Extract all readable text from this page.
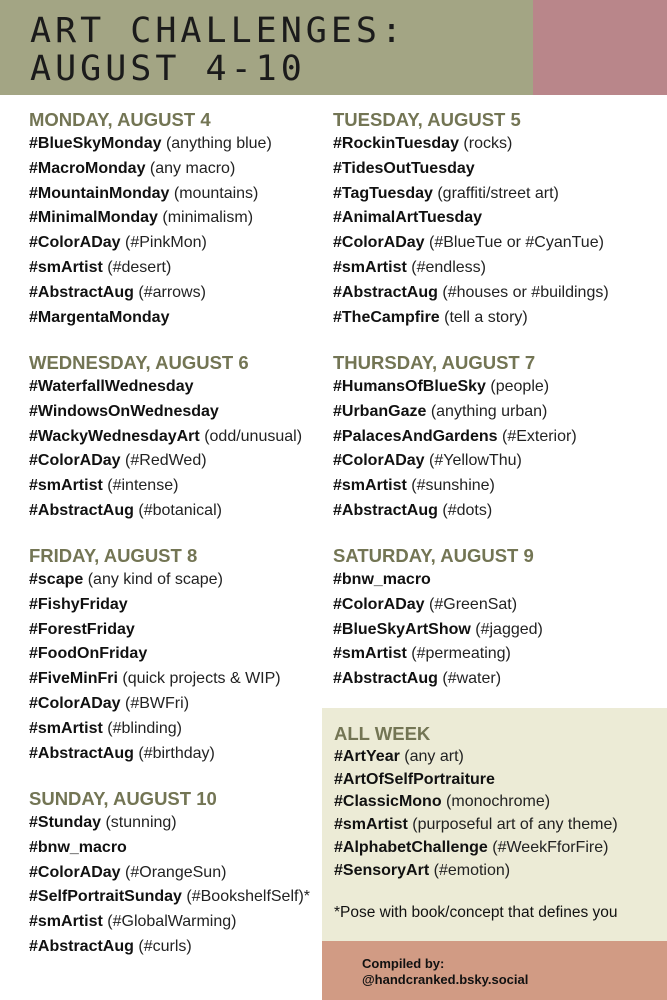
ART CHALLENGES:
AUGUST 4-10
MONDAY, AUGUST 4
#BlueSkyMonday (anything blue)
#MacroMonday (any macro)
#MountainMonday (mountains)
#MinimalMonday (minimalism)
#ColorADay (#PinkMon)
#smArtist (#desert)
#AbstractAug (#arrows)
#MargentaMonday
TUESDAY, AUGUST 5
#RockinTuesday (rocks)
#TidesOutTuesday
#TagTuesday (graffiti/street art)
#AnimalArtTuesday
#ColorADay (#BlueTue or #CyanTue)
#smArtist (#endless)
#AbstractAug (#houses or #buildings)
#TheCampfire (tell a story)
WEDNESDAY, AUGUST 6
#WaterfallWednesday
#WindowsOnWednesday
#WackyWednesdayArt (odd/unusual)
#ColorADay (#RedWed)
#smArtist (#intense)
#AbstractAug (#botanical)
THURSDAY, AUGUST 7
#HumansOfBlueSky (people)
#UrbanGaze (anything urban)
#PalacesAndGardens (#Exterior)
#ColorADay (#YellowThu)
#smArtist (#sunshine)
#AbstractAug (#dots)
FRIDAY, AUGUST 8
#scape (any kind of scape)
#FishyFriday
#ForestFriday
#FoodOnFriday
#FiveMinFri (quick projects & WIP)
#ColorADay (#BWFri)
#smArtist (#blinding)
#AbstractAug (#birthday)
SATURDAY, AUGUST 9
#bnw_macro
#ColorADay (#GreenSat)
#BlueSkyArtShow (#jagged)
#smArtist (#permeating)
#AbstractAug (#water)
SUNDAY, AUGUST 10
#Stunday (stunning)
#bnw_macro
#ColorADay (#OrangeSun)
#SelfPortraitSunday (#BookshelfSelf)*
#smArtist (#GlobalWarming)
#AbstractAug (#curls)
ALL WEEK
#ArtYear (any art)
#ArtOfSelfPortraiture
#ClassicMono (monochrome)
#smArtist (purposeful art of any theme)
#AlphabetChallenge (#WeekFforFire)
#SensoryArt (#emotion)
*Pose with book/concept that defines you
Compiled by:
@handcranked.bsky.social
